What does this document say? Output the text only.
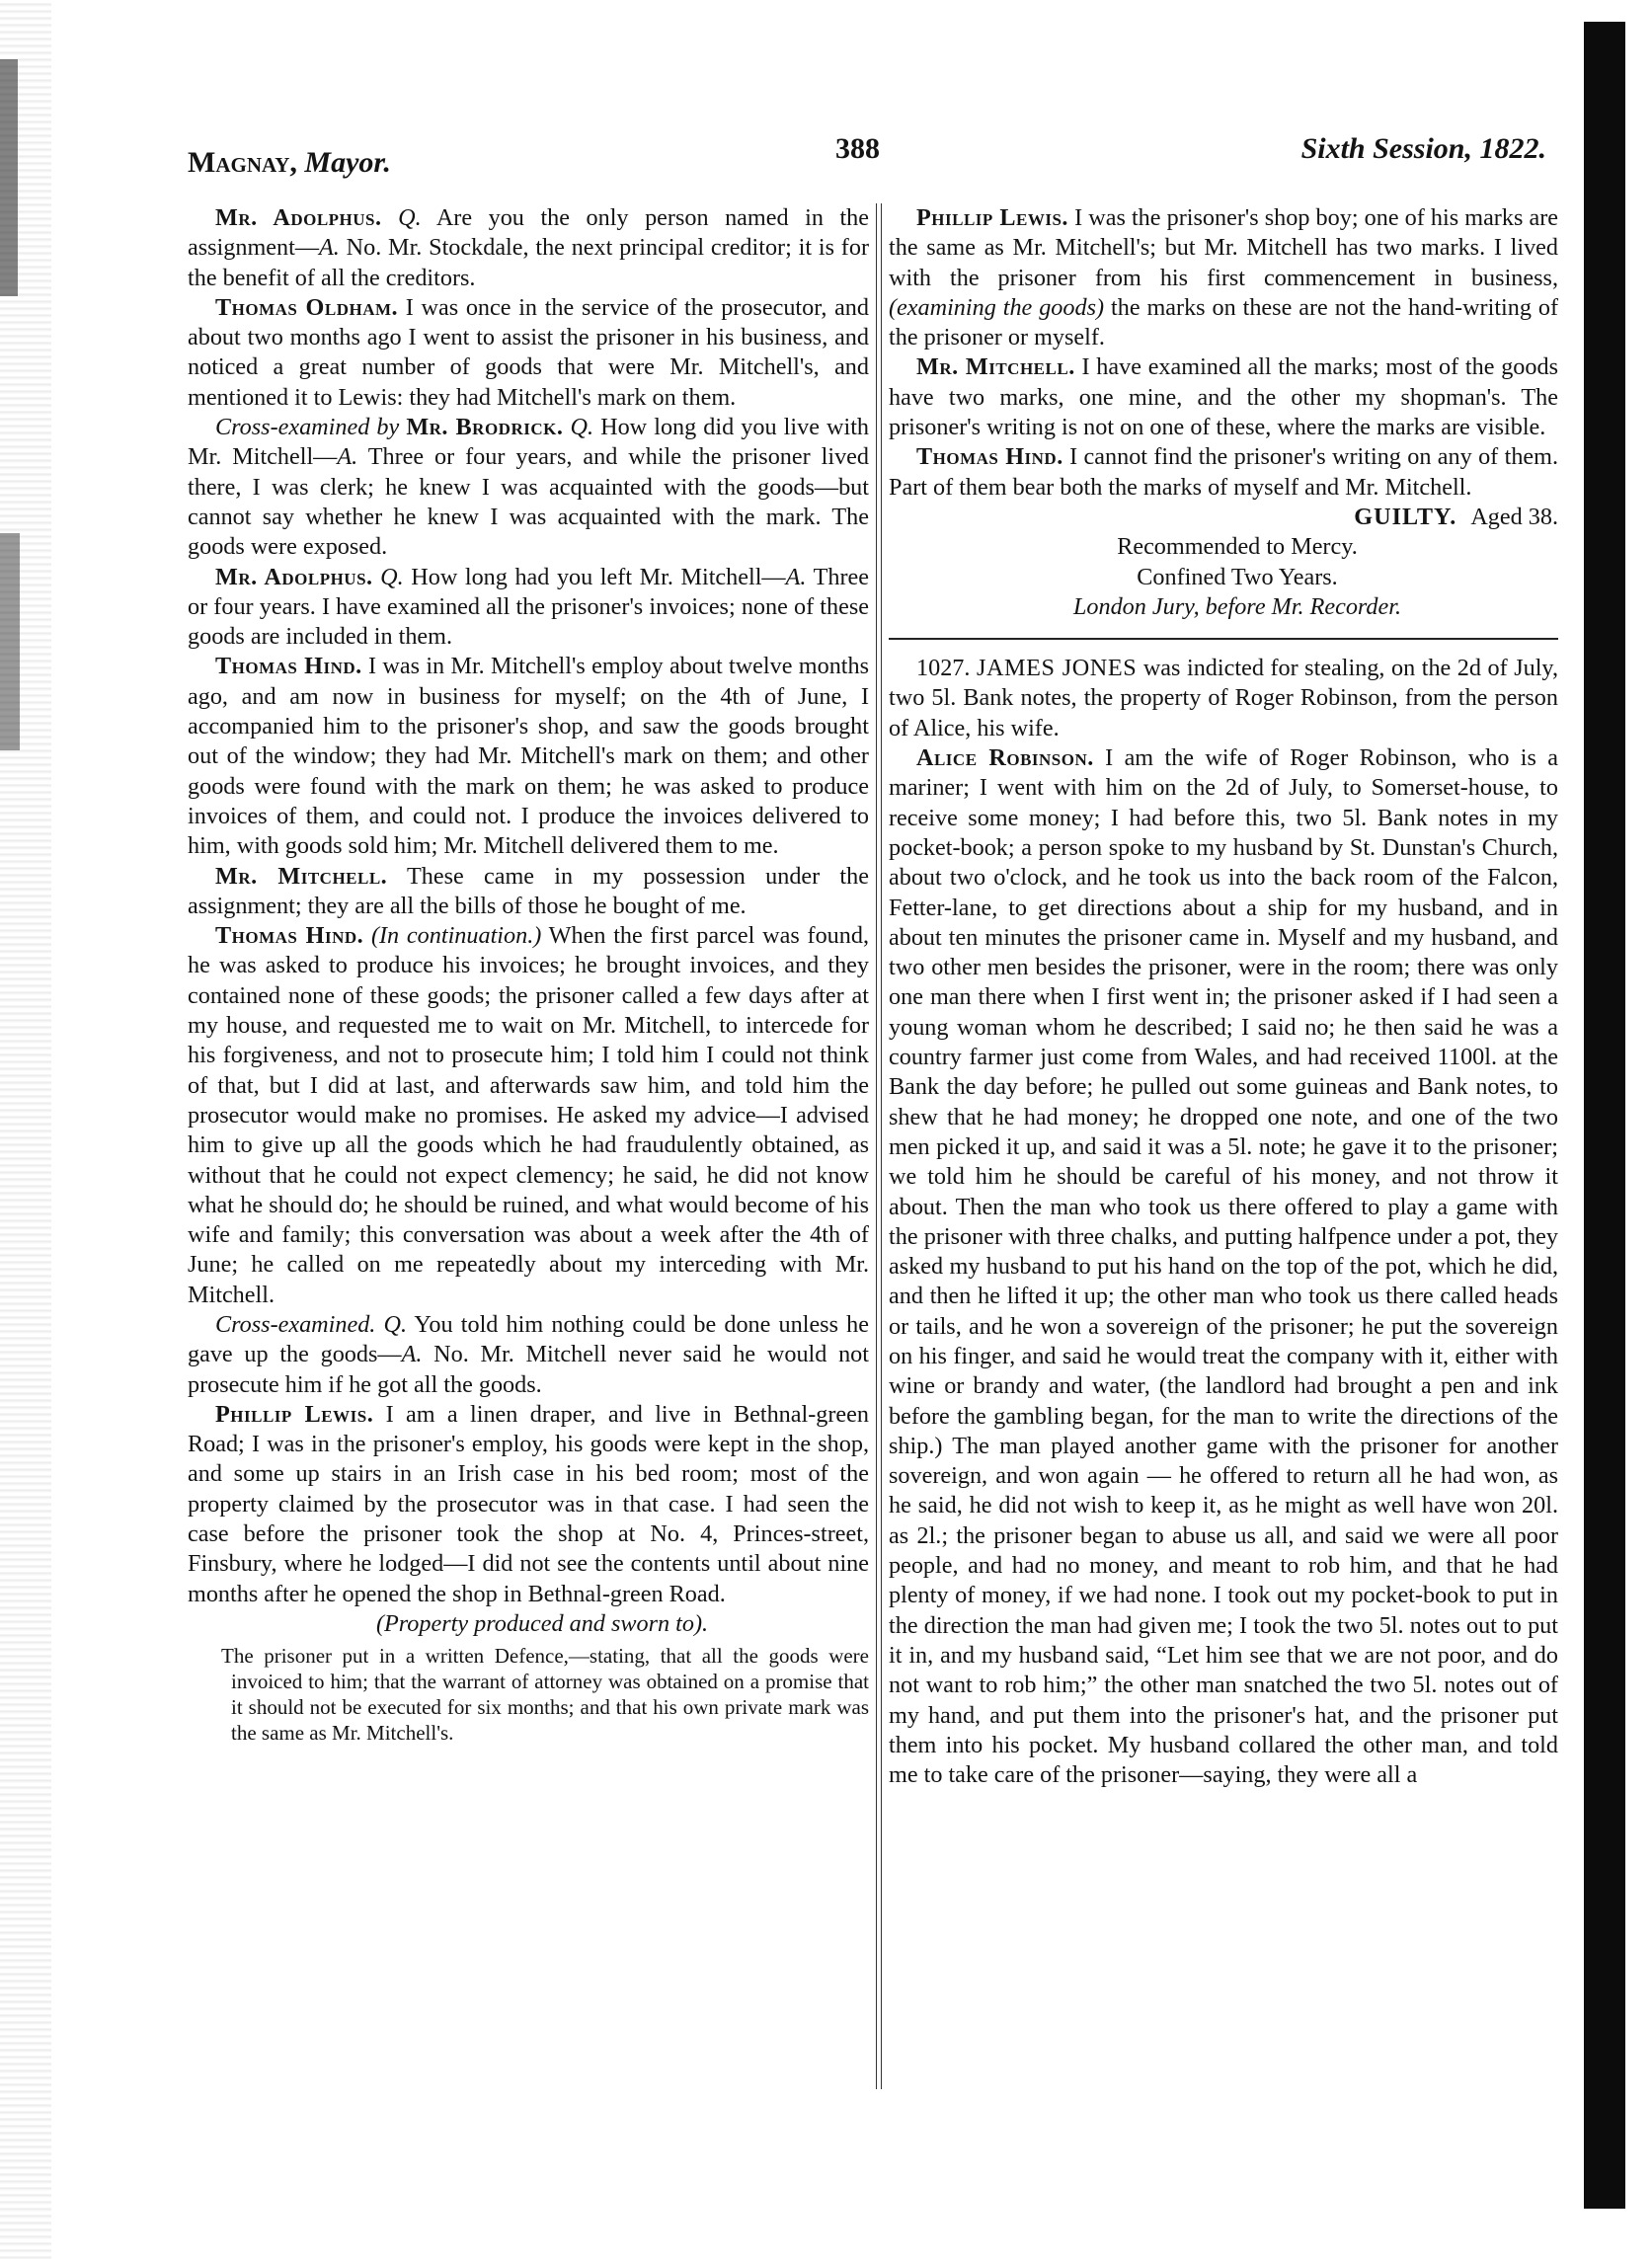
Magnay, Mayor.	388	Sixth Session, 1822.

Mr. Adolphus. Q. Are you the only person named in the assignment—A. No. Mr. Stockdale, the next principal creditor; it is for the benefit of all the creditors.

Thomas Oldham. I was once in the service of the prosecutor, and about two months ago I went to assist the prisoner in his business, and noticed a great number of goods that were Mr. Mitchell's, and mentioned it to Lewis: they had Mitchell's mark on them.

Cross-examined by Mr. Brodrick. Q. How long did you live with Mr. Mitchell—A. Three or four years, and while the prisoner lived there, I was clerk; he knew I was acquainted with the goods—but cannot say whether he knew I was acquainted with the mark. The goods were exposed.

Mr. Adolphus. Q. How long had you left Mr. Mitchell—A. Three or four years. I have examined all the prisoner's invoices; none of these goods are included in them.

Thomas Hind. I was in Mr. Mitchell's employ about twelve months ago, and am now in business for myself; on the 4th of June, I accompanied him to the prisoner's shop, and saw the goods brought out of the window; they had Mr. Mitchell's mark on them; and other goods were found with the mark on them; he was asked to produce invoices of them, and could not. I produce the invoices delivered to him, with goods sold him; Mr. Mitchell delivered them to me.

Mr. Mitchell. These came in my possession under the assignment; they are all the bills of those he bought of me.

Thomas Hind. (In continuation.) When the first parcel was found, he was asked to produce his invoices; he brought invoices, and they contained none of these goods; the prisoner called a few days after at my house, and requested me to wait on Mr. Mitchell, to intercede for his forgiveness, and not to prosecute him; I told him I could not think of that, but I did at last, and afterwards saw him, and told him the prosecutor would make no promises. He asked my advice—I advised him to give up all the goods which he had fraudulently obtained, as without that he could not expect clemency; he said, he did not know what he should do; he should be ruined, and what would become of his wife and family; this conversation was about a week after the 4th of June; he called on me repeatedly about my interceding with Mr. Mitchell.

Cross-examined. Q. You told him nothing could be done unless he gave up the goods—A. No. Mr. Mitchell never said he would not prosecute him if he got all the goods.

Phillip Lewis. I am a linen draper, and live in Bethnal-green Road; I was in the prisoner's employ, his goods were kept in the shop, and some up stairs in an Irish case in his bed room; most of the property claimed by the prosecutor was in that case. I had seen the case before the prisoner took the shop at No. 4, Princes-street, Finsbury, where he lodged—I did not see the contents until about nine months after he opened the shop in Bethnal-green Road.

(Property produced and sworn to).

The prisoner put in a written Defence,—stating, that all the goods were invoiced to him; that the warrant of attorney was obtained on a promise that it should not be executed for six months; and that his own private mark was the same as Mr. Mitchell's.

Phillip Lewis. I was the prisoner's shop boy; one of his marks are the same as Mr. Mitchell's; but Mr. Mitchell has two marks. I lived with the prisoner from his first commencement in business, (examining the goods) the marks on these are not the hand-writing of the prisoner or myself.

Mr. Mitchell. I have examined all the marks; most of the goods have two marks, one mine, and the other my shopman's. The prisoner's writing is not on one of these, where the marks are visible.

Thomas Hind. I cannot find the prisoner's writing on any of them. Part of them bear both the marks of myself and Mr. Mitchell.

GUILTY. Aged 38.

Recommended to Mercy.

Confined Two Years.

London Jury, before Mr. Recorder.

1027. JAMES JONES was indicted for stealing, on the 2d of July, two 5l. Bank notes, the property of Roger Robinson, from the person of Alice, his wife.

Alice Robinson. I am the wife of Roger Robinson, who is a mariner; I went with him on the 2d of July, to Somerset-house, to receive some money; I had before this, two 5l. Bank notes in my pocket-book; a person spoke to my husband by St. Dunstan's Church, about two o'clock, and he took us into the back room of the Falcon, Fetter-lane, to get directions about a ship for my husband, and in about ten minutes the prisoner came in. Myself and my husband, and two other men besides the prisoner, were in the room; there was only one man there when I first went in; the prisoner asked if I had seen a young woman whom he described; I said no; he then said he was a country farmer just come from Wales, and had received 1100l. at the Bank the day before; he pulled out some guineas and Bank notes, to shew that he had money; he dropped one note, and one of the two men picked it up, and said it was a 5l. note; he gave it to the prisoner; we told him he should be careful of his money, and not throw it about. Then the man who took us there offered to play a game with the prisoner with three chalks, and putting halfpence under a pot, they asked my husband to put his hand on the top of the pot, which he did, and then he lifted it up; the other man who took us there called heads or tails, and he won a sovereign of the prisoner; he put the sovereign on his finger, and said he would treat the company with it, either with wine or brandy and water, (the landlord had brought a pen and ink before the gambling began, for the man to write the directions of the ship.) The man played another game with the prisoner for another sovereign, and won again — he offered to return all he had won, as he said, he did not wish to keep it, as he might as well have won 20l. as 2l.; the prisoner began to abuse us all, and said we were all poor people, and had no money, and meant to rob him, and that he had plenty of money, if we had none. I took out my pocket-book to put in the direction the man had given me; I took the two 5l. notes out to put it in, and my husband said, “Let him see that we are not poor, and do not want to rob him;” the other man snatched the two 5l. notes out of my hand, and put them into the prisoner's hat, and the prisoner put them into his pocket. My husband collared the other man, and told me to take care of the prisoner—saying, they were all a
